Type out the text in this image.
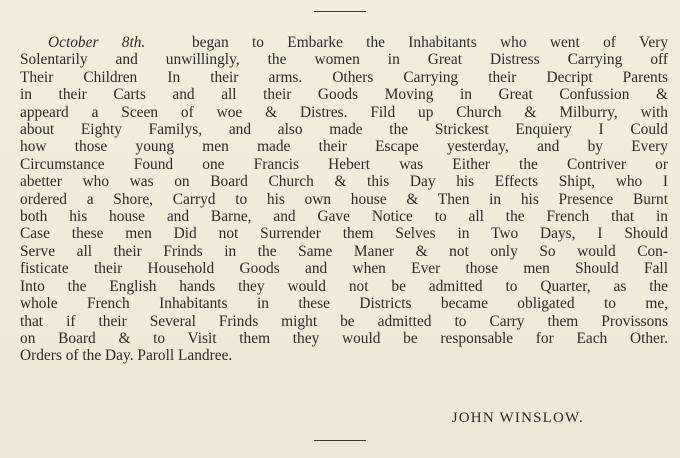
October 8th.	began to Embarke the Inhabitants who went of Very
Solentarily and unwillingly, the women in Great Distress Carrying off
Their Children In their arms. Others Carrying their Decript Parents
in their Carts and all their Goods Moving in Great Confussion &
appeard a Sceen of woe & Distres. Fild up Church & Milburry, with
about Eighty Familys, and also made the Strickest Enquiery I Could
how those young men made their Escape yesterday, and by Every
Circumstance Found one Francis Hebert was Either the Contriver or
abetter who was on Board Church & this Day his Effects Shipt, who I
ordered a Shore, Carryd to his own house & Then in his Presence Burnt
both his house and Barne, and Gave Notice to all the French that in
Case these men Did not Surrender them Selves in Two Days, I Should
Serve all their Frinds in the Same Maner & not only So would Con-
fisticate their Household Goods and when Ever those men Should Fall
Into the English hands they would not be admitted to Quarter, as the
whole French Inhabitants in these Districts became obligated to me,
that if their Several Frinds might be admitted to Carry them Provissons
on Board & to Visit them they would be responsable for Each Other.
Orders of the Day. Paroll Landree.
JOHN WINSLOW.
